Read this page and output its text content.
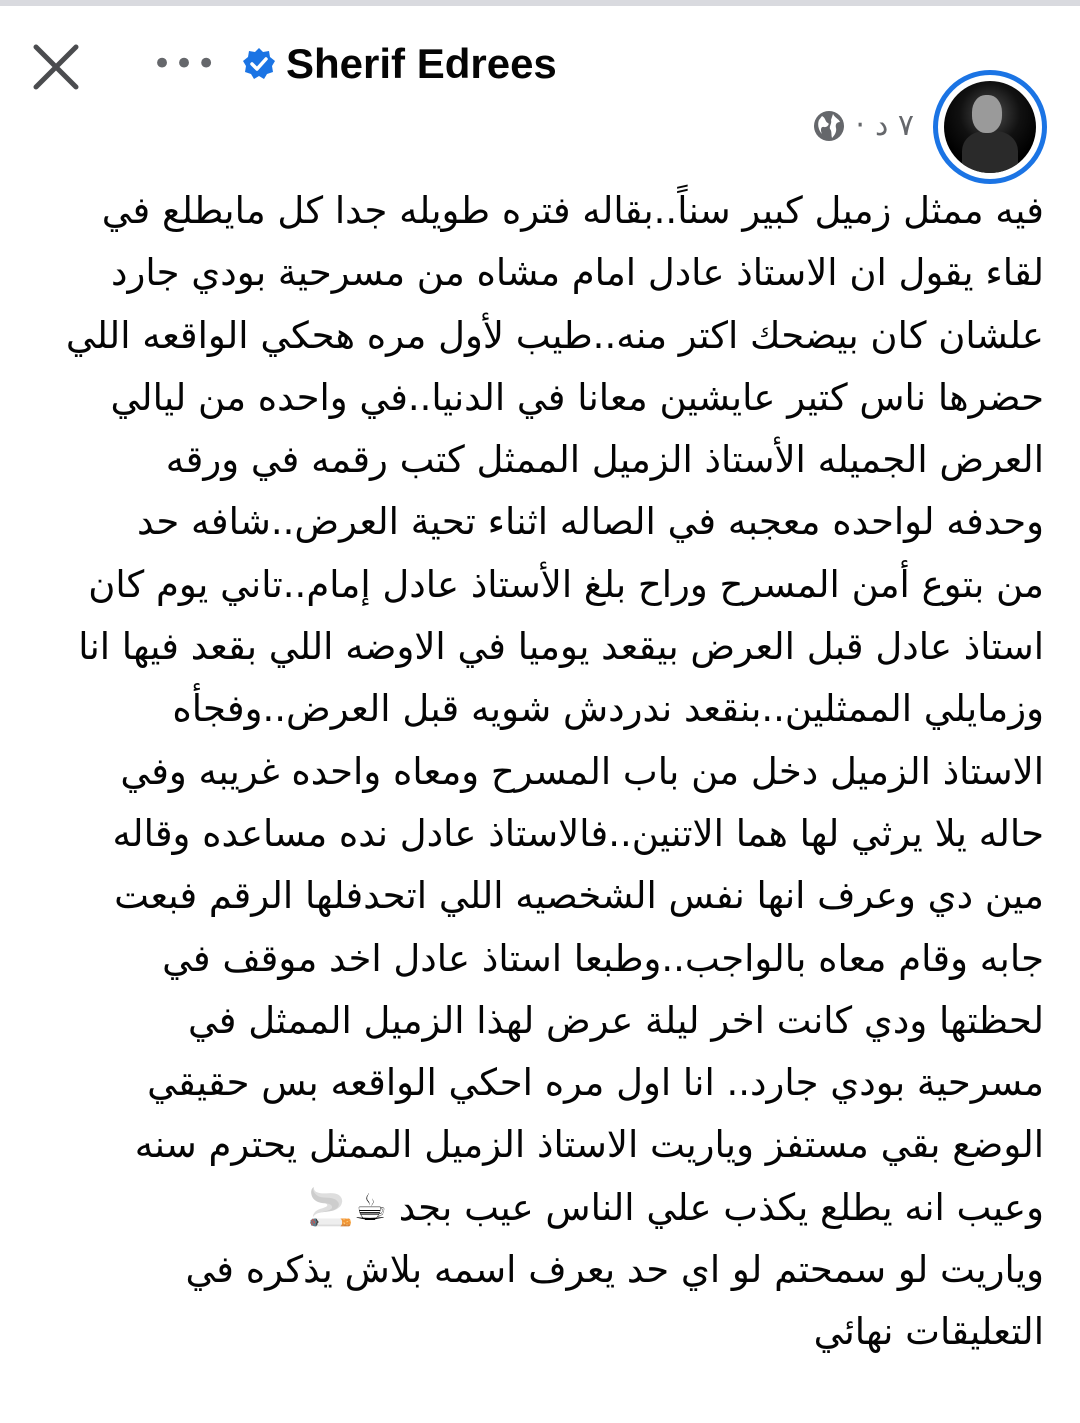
••• Sherif Edrees
٧ د
·
فيه ممثل زميل كبير سناً..بقاله فتره طويله جدا كل مايطلع في
لقاء يقول ان الاستاذ عادل امام مشاه من مسرحية بودي جارد
علشان كان بيضحك اكتر منه..طيب لأول مره هحكي الواقعه اللي
حضرها ناس كتير عايشين معانا في الدنيا..في واحده من ليالي
العرض الجميله الأستاذ الزميل الممثل كتب رقمه في ورقه
وحدفه لواحده معجبه في الصاله اثناء تحية العرض..شافه حد
من بتوع أمن المسرح وراح بلغ الأستاذ عادل إمام..تاني يوم كان
استاذ عادل قبل العرض بيقعد يوميا في الاوضه اللي بقعد فيها انا
وزمايلي الممثلين..بنقعد ندردش شويه قبل العرض..وفجأه
الاستاذ الزميل دخل من باب المسرح ومعاه واحده غريبه وفي
حاله يلا يرثي لها هما الاتنين..فالاستاذ عادل نده مساعده وقاله
مين دي وعرف انها نفس الشخصيه اللي اتحدفلها الرقم فبعت
جابه وقام معاه بالواجب..وطبعا استاذ عادل اخد موقف في
لحظتها ودي كانت اخر ليلة عرض لهذا الزميل الممثل في
مسرحية بودي جارد.. انا اول مره احكي الواقعه بس حقيقي
الوضع بقي مستفز وياريت الاستاذ الزميل الممثل يحترم سنه
وعيب انه يطلع يكذب علي الناس عيب بجد ☕🚬
وياريت لو سمحتم لو اي حد يعرف اسمه بلاش يذكره في
التعليقات نهائي
